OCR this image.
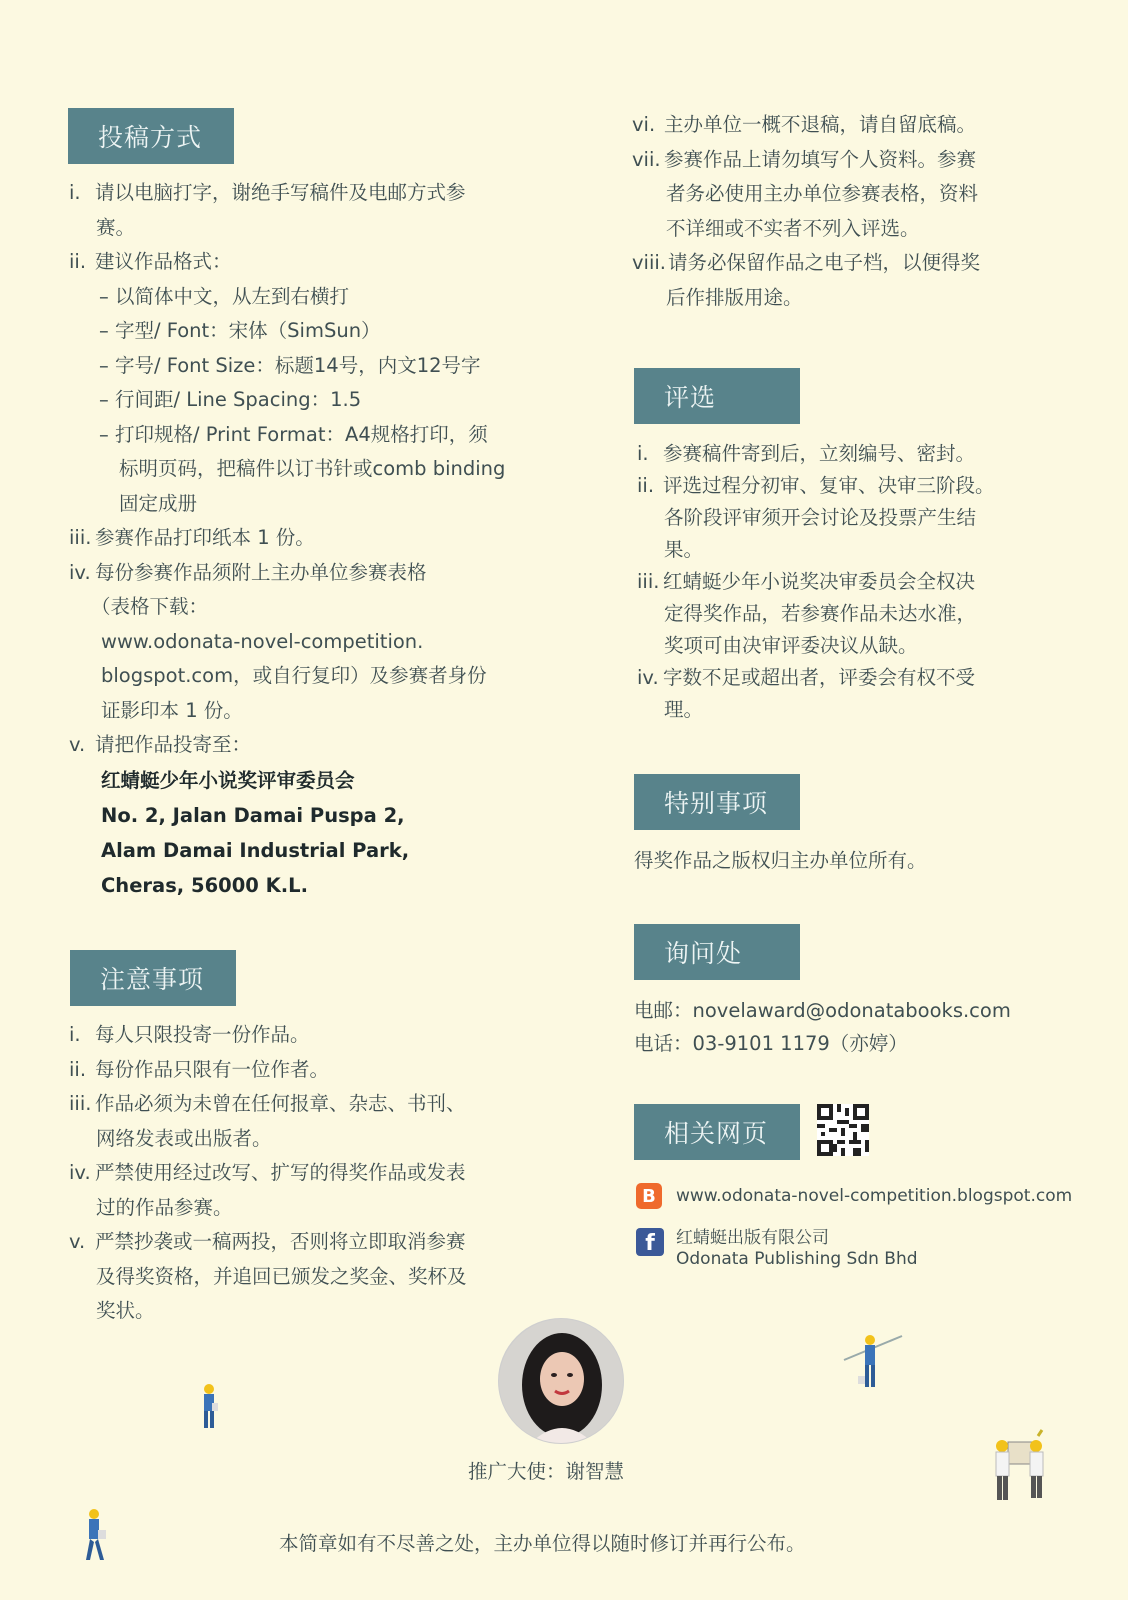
投稿方式
i. 请以电脑打字，谢绝手写稿件及电邮方式参
赛。
ii. 建议作品格式：
– 以简体中文，从左到右横打
– 字型/ Font：宋体（SimSun）
– 字号/ Font Size：标题14号，内文12号字
– 行间距/ Line Spacing：1.5
– 打印规格/ Print Format：A4规格打印，须
标明页码，把稿件以订书针或comb binding
固定成册
iii. 参赛作品打印纸本 1 份。
iv. 每份参赛作品须附上主办单位参赛表格
（表格下载：
www.odonata-novel-competition.
blogspot.com，或自行复印）及参赛者身份
证影印本 1 份。
v. 请把作品投寄至：
红蜻蜓少年小说奖评审委员会
No. 2, Jalan Damai Puspa 2,
Alam Damai Industrial Park,
Cheras, 56000 K.L.
注意事项
i. 每人只限投寄一份作品。
ii. 每份作品只限有一位作者。
iii. 作品必须为未曾在任何报章、杂志、书刊、
网络发表或出版者。
iv. 严禁使用经过改写、扩写的得奖作品或发表
过的作品参赛。
v. 严禁抄袭或一稿两投，否则将立即取消参赛
及得奖资格，并追回已颁发之奖金、奖杯及
奖状。
vi. 主办单位一概不退稿，请自留底稿。
vii. 参赛作品上请勿填写个人资料。参赛
者务必使用主办单位参赛表格，资料
不详细或不实者不列入评选。
viii. 请务必保留作品之电子档，以便得奖
后作排版用途。
评选
i. 参赛稿件寄到后，立刻编号、密封。
ii. 评选过程分初审、复审、决审三阶段。
各阶段评审须开会讨论及投票产生结
果。
iii. 红蜻蜓少年小说奖决审委员会全权决
定得奖作品，若参赛作品未达水准，
奖项可由决审评委决议从缺。
iv. 字数不足或超出者，评委会有权不受
理。
特别事项
得奖作品之版权归主办单位所有。
询问处
电邮：novelaward@odonatabooks.com
电话：03-9101 1179（亦婷）
相关网页
B	www.odonata-novel-competition.blogspot.com
f	红蜻蜓出版有限公司
Odonata Publishing Sdn Bhd
推广大使：谢智慧
本简章如有不尽善之处，主办单位得以随时修订并再行公布。
